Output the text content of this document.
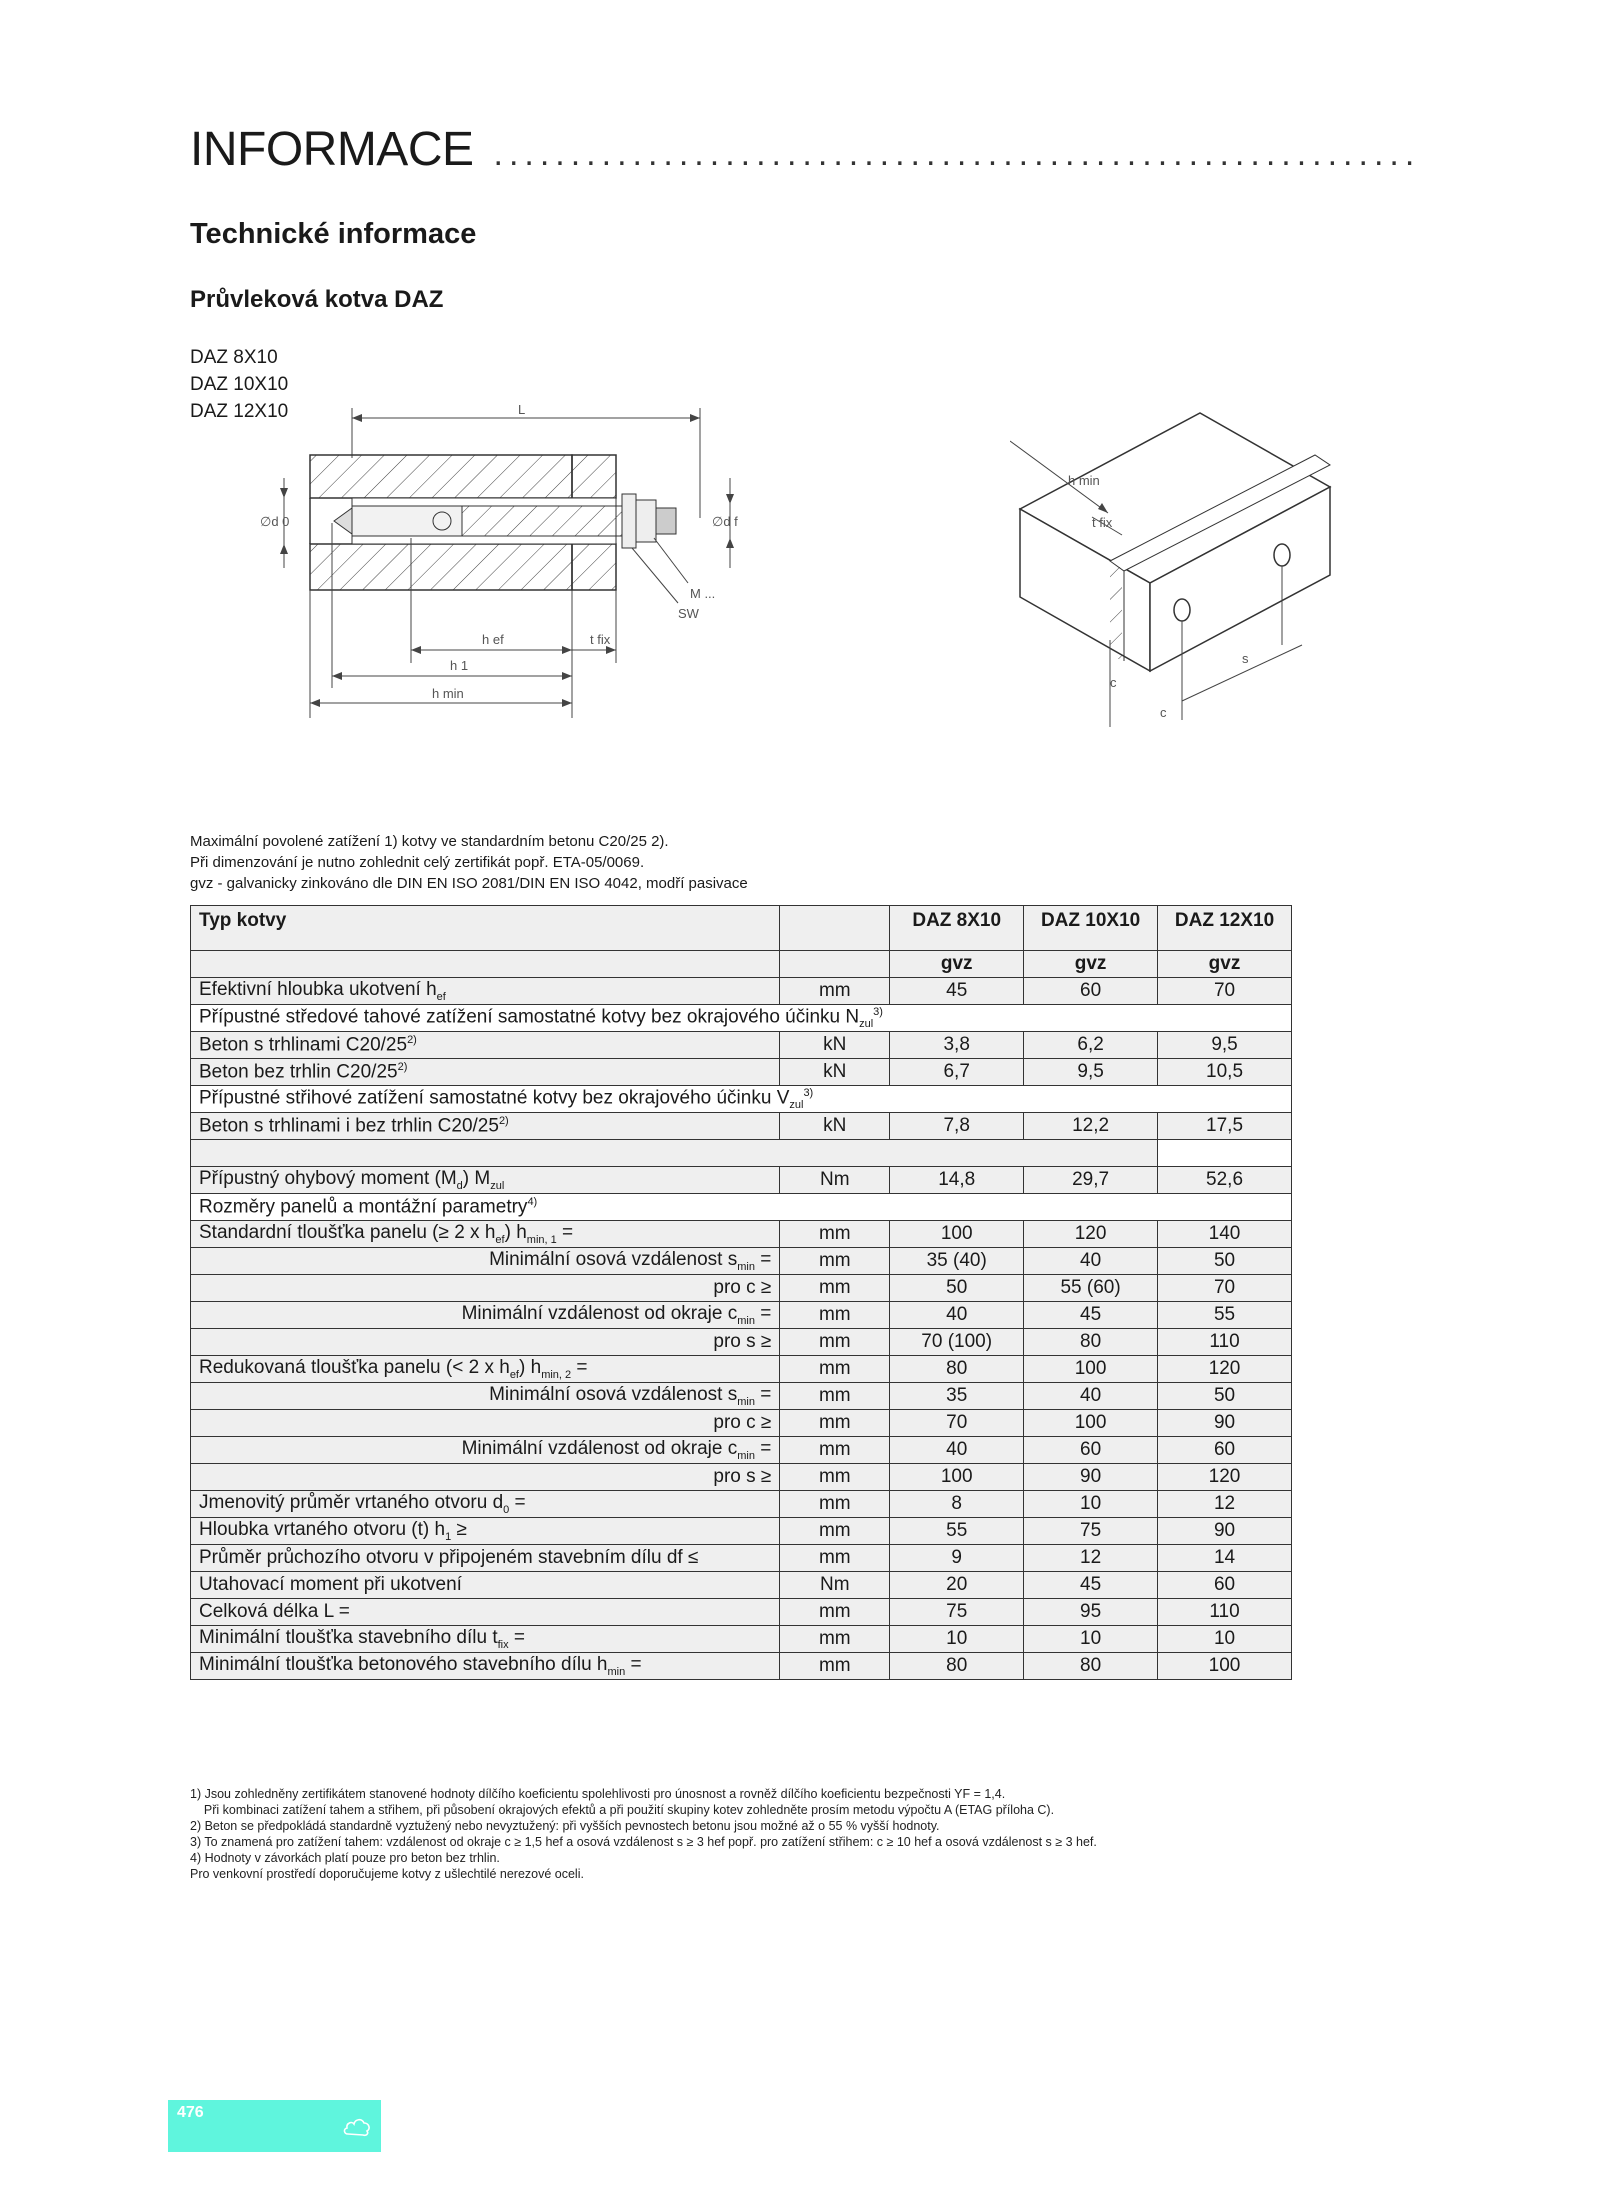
INFORMACE ............................................................
Technické informace
Průvleková kotva DAZ
DAZ 8X10
DAZ 10X10
DAZ 12X10	L
∅d 0	∅d f
M ...
SW
h ef	t fix
h 1
h min
h min
t fix
c
c
s
Maximální povolené zatížení 1) kotvy ve standardním betonu C20/25 2).
Při dimenzování je nutno zohlednit celý zertifikát popř. ETA-05/0069.
gvz - galvanicky zinkováno dle DIN EN ISO 2081/DIN EN ISO 4042, modří pasivace
Typ kotvy		DAZ 8X10	DAZ 10X10	DAZ 12X10
		gvz	gvz	gvz
Efektivní hloubka ukotvení $h_{ef}$	mm	45	60	70
Přípustné středové tahové zatížení samostatné kotvy bez okrajového účinku $N_{zul}^{3)}$
Beton s trhlinami C20/25$^{2)}$	kN	3,8	6,2	9,5
Beton bez trhlin C20/25$^{2)}$	kN	6,7	9,5	10,5
Přípustné střihové zatížení samostatné kotvy bez okrajového účinku $V_{zul}^{3)}$
Beton s trhlinami i bez trhlin C20/25$^{2)}$	kN	7,8	12,2	17,5

Přípustný ohybový moment $(M_d)$ $M_{zul}$	Nm	14,8	29,7	52,6
Rozměry panelů a montážní parametry$^{4)}$
Standardní tloušťka panelu (≥ 2 x $h_{ef}$) $h_{min, 1}$ =	mm	100	120	140
Minimální osová vzdálenost $s_{min}$ =	mm	35 (40)	40	50
pro c ≥	mm	50	55 (60)	70
Minimální vzdálenost od okraje $c_{min}$ =	mm	40	45	55
pro s ≥	mm	70 (100)	80	110
Redukovaná tloušťka panelu (< 2 x $h_{ef}$) $h_{min, 2}$ =	mm	80	100	120
Minimální osová vzdálenost $s_{min}$ =	mm	35	40	50
pro c ≥	mm	70	100	90
Minimální vzdálenost od okraje $c_{min}$ =	mm	40	60	60
pro s ≥	mm	100	90	120
Jmenovitý průměr vrtaného otvoru $d_0$ =	mm	8	10	12
Hloubka vrtaného otvoru (t) $h_1$ ≥	mm	55	75	90
Průměr průchozího otvoru v připojeném stavebním dílu df ≤	mm	9	12	14
Utahovací moment při ukotvení	Nm	20	45	60
Celková délka L =	mm	75	95	110
Minimální tloušťka stavebního dílu $t_{fix}$ =	mm	10	10	10
Minimální tloušťka betonového stavebního dílu $h_{min}$ =	mm	80	80	100
1) Jsou zohledněny zertifikátem stanovené hodnoty dílčího koeficientu spolehlivosti pro únosnost a rovněž dílčího koeficientu bezpečnosti YF = 1,4.
Při kombinaci zatížení tahem a střihem, při působení okrajových efektů a při použití skupiny kotev zohledněte prosím metodu výpočtu A (ETAG příloha C).
2) Beton se předpokládá standardně vyztužený nebo nevyztužený: při vyšších pevnostech betonu jsou možné až o 55 % vyšší hodnoty.
3) To znamená pro zatížení tahem: vzdálenost od okraje c ≥ 1,5 hef a osová vzdálenost s ≥ 3 hef popř. pro zatížení střihem: c ≥ 10 hef a osová vzdálenost s ≥ 3 hef.
4) Hodnoty v závorkách platí pouze pro beton bez trhlin.
Pro venkovní prostředí doporučujeme kotvy z ušlechtilé nerezové oceli.
476
